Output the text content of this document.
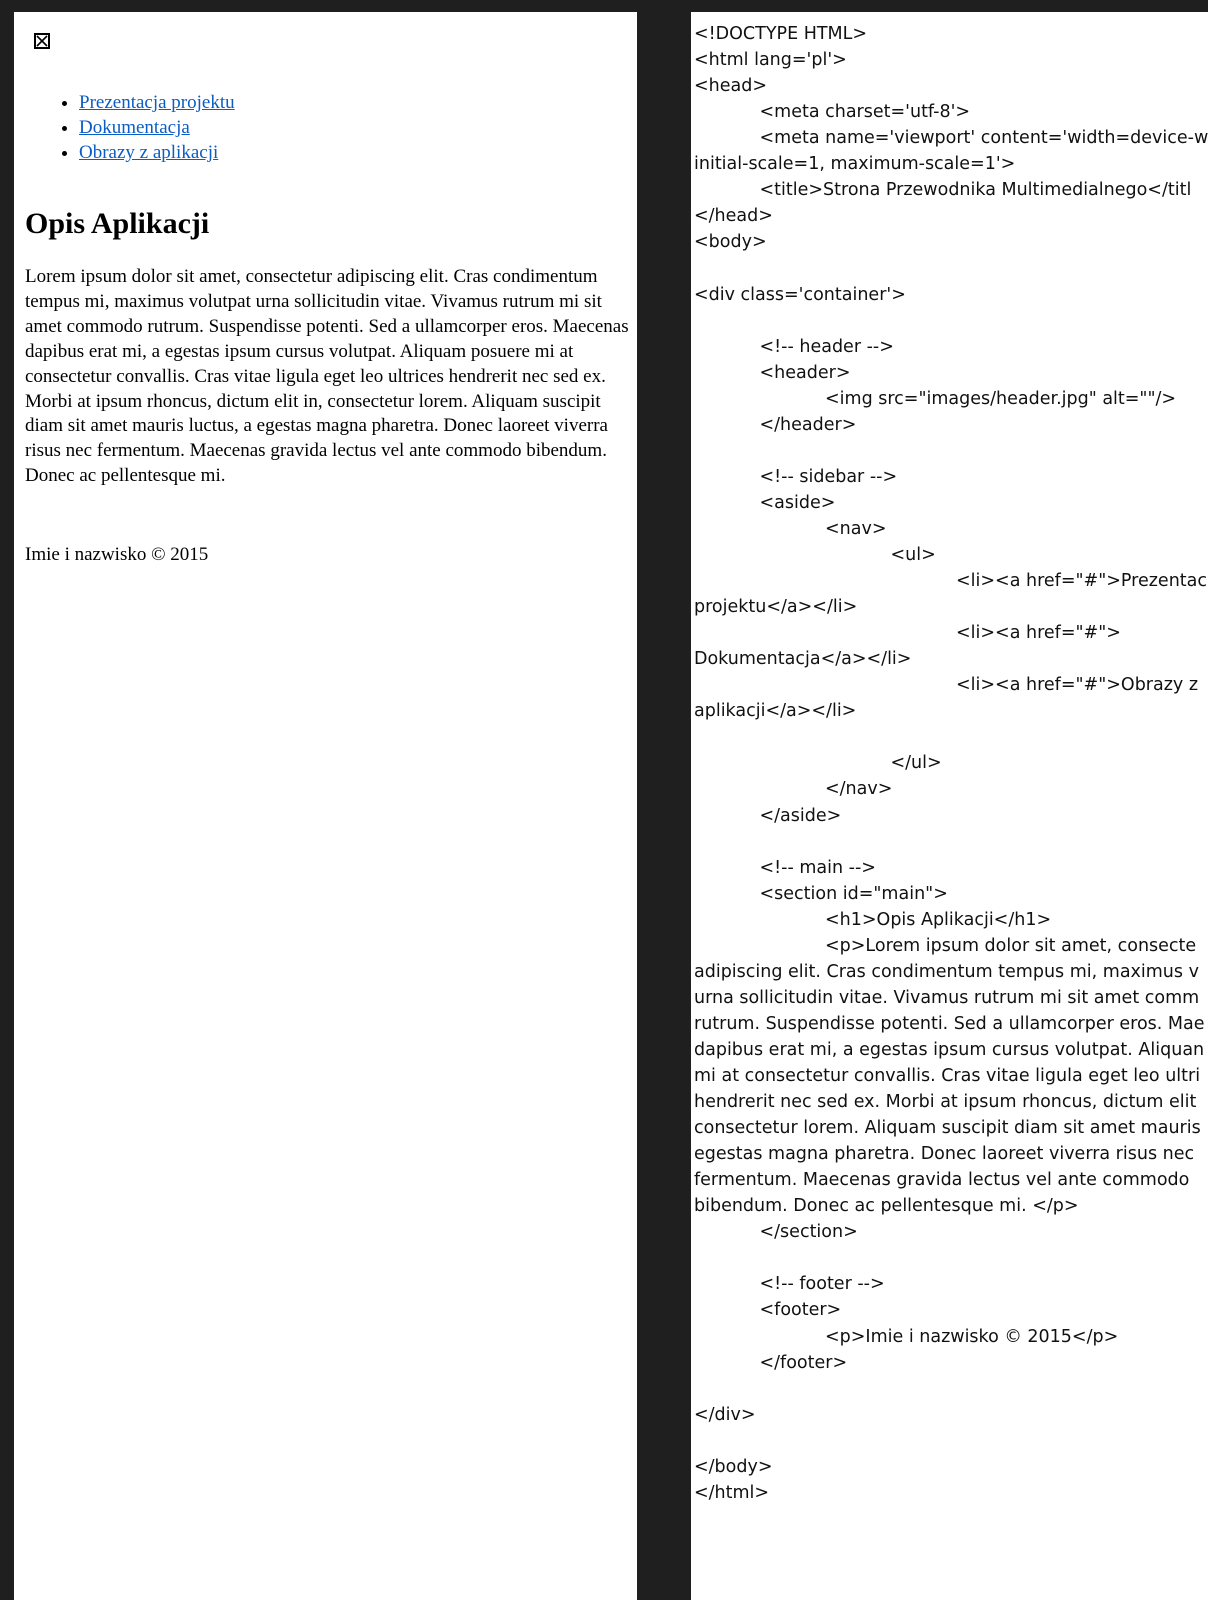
• Prezentacja projektu
• Dokumentacja
• Obrazy z aplikacji
Opis Aplikacji

Lorem ipsum dolor sit amet, consectetur adipiscing elit. Cras condimentum tempus mi, maximus volutpat urna sollicitudin vitae. Vivamus rutrum mi sit amet commodo rutrum. Suspendisse potenti. Sed a ullamcorper eros. Maecenas dapibus erat mi, a egestas ipsum cursus volutpat. Aliquam posuere mi at consectetur convallis. Cras vitae ligula eget leo ultrices hendrerit nec sed ex. Morbi at ipsum rhoncus, dictum elit in, consectetur lorem. Aliquam suscipit diam sit amet mauris luctus, a egestas magna pharetra. Donec laoreet viverra risus nec fermentum. Maecenas gravida lectus vel ante commodo bibendum. Donec ac pellentesque mi.

Imie i nazwisko © 2015

<!DOCTYPE HTML>
<html lang='pl'>
<head>
<meta charset='utf-8'>
<meta name='viewport' content='width=device-w
initial-scale=1, maximum-scale=1'>
<title>Strona Przewodnika Multimedialnego</titl
</head>
<body>
<div class='container'>
<!-- header -->
<header>
<img src="images/header.jpg" alt=""/>
</header>
<!-- sidebar -->
<aside>
<nav>
<ul>
<li><a href="#">Prezentac
projektu</a></li>
<li><a href="#">
Dokumentacja</a></li>
<li><a href="#">Obrazy z
aplikacji</a></li>
</ul>
</nav>
</aside>
<!-- main -->
<section id="main">
<h1>Opis Aplikacji</h1>
<p>Lorem ipsum dolor sit amet, consecte
adipiscing elit. Cras condimentum tempus mi, maximus v
urna sollicitudin vitae. Vivamus rutrum mi sit amet comm
rutrum. Suspendisse potenti. Sed a ullamcorper eros. Mae
dapibus erat mi, a egestas ipsum cursus volutpat. Aliquan
mi at consectetur convallis. Cras vitae ligula eget leo ultri
hendrerit nec sed ex. Morbi at ipsum rhoncus, dictum elit
consectetur lorem. Aliquam suscipit diam sit amet mauris
egestas magna pharetra. Donec laoreet viverra risus nec
fermentum. Maecenas gravida lectus vel ante commodo
bibendum. Donec ac pellentesque mi. </p>
</section>
<!-- footer -->
<footer>
<p>Imie i nazwisko © 2015</p>
</footer>
</div>
</body>
</html>
